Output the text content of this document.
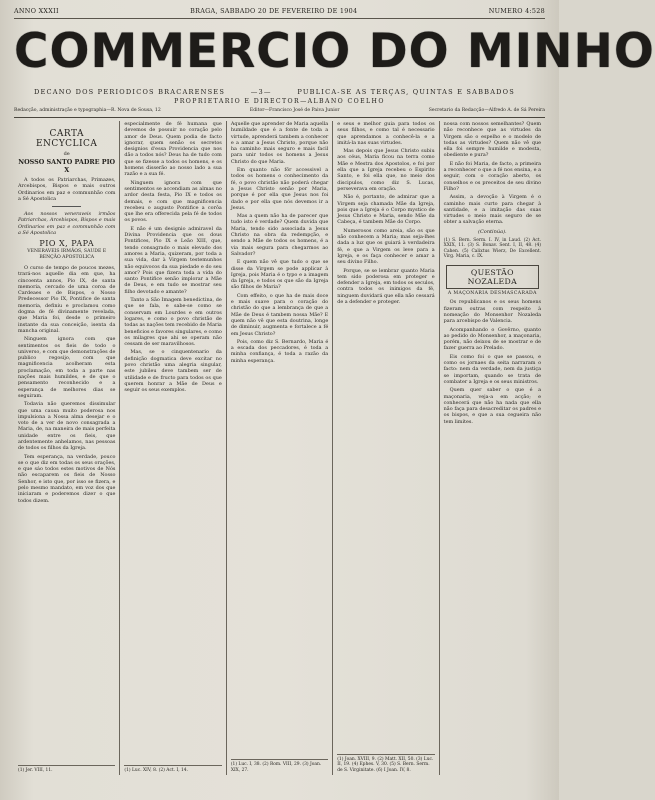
ANNO XXXII	BRAGA, SABBADO 20 DE FEVEREIRO DE 1904	NUMERO 4:528
COMMERCIO DO MINHO
DECANO DOS PERIODICOS BRACARENSES	—3—	PUBLICA-SE AS TERÇAS, QUINTAS E SABBADOS
PROPRIETARIO E DIRECTOR—ALBANO COELHO
Redacção, administração e typographia—R. Nova de Sousa, 12	Editor—Francisco José de Paiva Junior	Secretario da Redacção—Alfredo A. de Sá Pereira
CARTA ENCYCLICA
de
NOSSO SANTO PADRE PIO X

A todos os Patriarchas, Primazes, Arcebispos, Bispos e mais outros Ordinarios em paz e communhão com a Sé Apostolica

Aos nossos veneraveis irmãos Patriarchas, Arcebispos, Bispos e mais Ordinarios em paz e communhão com a Sé Apostolica

PIO X, PAPA
VENERAVEIS IRMÃOS, SAUDE E BENÇÃO APOSTOLICA

O curso de tempo de poucos mezes, trará-nos aquelle dia em que, ha cincoenta annos, Pio IX, de santa memoria, cercado de uma coroa de Cardeaes e de Bispos, o Nosso Predecessor Pio IX, Pontifice de santa memoria, definiu e proclamou como dogma de fé divinamente revelada, que Maria foi, desde o primeiro instante da sua conceição, isenta da mancha original.

Ninguem ignora com que sentimentos os fieis de todo o universo, e com que demonstrações de publico regosijo, com que magnificencia acolheram esta proclamação, em toda a parte nas nações mais humildes, e de que o pensamento reconhecido e a esperança de melhores dias se seguiram.

Todavia não queremos dissimular que uma causa muito poderosa nos impulsiona a Nossa alma desejar e o voto de a ver de novo consagrada a Maria, de, na maneira de mais perfeita unidade entre os fieis, que ardentemente anhelamos, nas pessoas de todos os filhos da Igreja.

Tem esperança, na verdade, pouco se o que diz em todas os seus orações, e que sáo todos estes motivos de Nós não escaparem os fieis de Nosso Senhor, e isto que, por isso se fizera, e pelo mesmo mandato, em voz dos que iniciaram e poderemos dizer o que todos dizem.

(1) Jer. VIII, 11.

especialmente de fé humana que devemos de possuir no coração pelo amor de Deus. Quem podia de facto ignorar, quem senão os secretos designios d'essa Providencia que nos dão a todos nós? Deus ha de tudo com que se fizesse a todos os homens, e os homens disserão ao nosso lado a sua razão e a sua fé.

Ninguem ignora com que sentimentos se accendiam as almas no ardor desta festa, Pio IX e todos os demais, e com que magnificencia recebeu o augusto Pontifice a corôa que lhe era offerecida pela fé de todos os povos.

E não é um designio admiravel da Divina Providencia que os dous Pontifices, Pio IX e Leão XIII, que, tendo consagrado o mais elevado dos amores a Maria, quizeram, por toda a sua vida, dar à Virgem testemunhos não equivocos da sua piedade e do seu amor? Pois que fizera toda a vida do santo Pontifice senão implorar a Mãe de Deus, e em tudo se mostrar seu filho devotado e amante?

Tanto a São Imagem benedictina, de que se fala, e sabe-se como se conservam em Lourdes e em outros logares, e como o povo christão de todas as nações tem recebido de Maria beneficios e favores singulares, e como os milagres que ahi se operam não cessam de ser maravilhosos.

Mas, se o cinquentenario da definição dogmatica deve excitar no povo christão uma alegria singular, este jubileu deve tambem ser de utilidade e de fructo para todos os que querem honrar a Mãe de Deus e seguir os seus exemplos.

(1) Luc. XIV, 8. (2) Act. I, 14.

Aquelle que aprender de Maria aquella humildade que é a fonte de toda a virtude, aprenderá tambem a conhecer e a amar a Jesus Christo, porque não ha caminho mais seguro e mais facil para unir todos os homens a Jesus Christo do que Maria.

Em quanto não fôr accessivel a todos os homens o conhecimento da fé, o povo christão não poderá chegar a Jesus Christo senão por Maria, porque é por ella que Jesus nos foi dado e por ella que nós devemos ir a Jesus.

Mas a quem não ha de parecer que tudo isto é verdade? Quem duvida que Maria, tendo sido associada a Jesus Christo na obra da redempção, e sendo a Mãe de todos os homens, é a via mais segura para chegarmos ao Salvador?

E quem não vê que tudo o que se disse da Virgem se pode applicar à Igreja, pois Maria é o typo e a imagem da Igreja, e todos os que são da Igreja são filhos de Maria?

Com effeito, o que ha de mais doce e mais suave para o coração do christão do que a lembrança de que a Mãe de Deus é tambem nossa Mãe? E quem não vê que esta doutrina, longe de diminuir, augmenta e fortalece a fé em Jesus Christo?

Pois, como diz S. Bernardo, Maria é a escada dos peccadores, é toda a minha confiança, é toda a razão da minha esperança.

(1) Luc. I, 38. (2) Rom. VIII, 29. (3) Joan. XIX, 27.

e seus e melhor guia para todos os seus filhos, e como tal é necessario que aprendamos a conhecê-la e a imitá-la nas suas virtudes.

Mas depois que Jesus Christo subiu aos céus, Maria ficou na terra como Mãe e Mestra dos Apostolos, e foi por ella que a Igreja recebeu o Espirito Santo, e foi ella que, no meio dos discipulos, como diz S. Lucas, perseverava em oração.

Não é, portanto, de admirar que a Virgem seja chamada Mãe da Igreja, pois que a Igreja é o Corpo mystico de Jesus Christo e Maria, sendo Mãe da Cabeça, é tambem Mãe do Corpo.

Numerosos como areia, são os que não conhecem a Maria; mas seja-lhes dada a luz que os guiará à verdadeira fé, e que a Virgem os leve para a Igreja, e os faça conhecer e amar a seu divino Filho.

Porque, se se lembrar quanto Maria tem sido poderosa em proteger e defender a Igreja, em todos os seculos, contra todos os inimigos da fé, ninguem duvidará que ella não cessará de a defender e proteger.

(1) Joan. XVIII, 9. (2) Matt. XII, 50. (3) Luc. II, 19. (4) Ephes. V, 30. (5) S. Bern. Serm. de S. Virginitate. (6) I Joan. IV, 8.

nossa com nossos semelhantes? Quem não reconhece que as virtudes da Virgem são o espelho e o modelo de todas as virtudes? Quem não vê que ella foi sempre humilde e modesta, obediente e pura?

E não foi Maria, de facto, a primeira a reconhecer o que a fé nos ensina, e a seguir, com o coração aberto, os conselhos e os preceitos de seu divino Filho?

Assim, a devoção à Virgem é o caminho mais curto para chegar à santidade, e a imitação das suas virtudes o meio mais seguro de se obter a salvação eterna.

(Continúa).

(1) S. Bern. Serm. I. IV, in Laud. (2) Act. XXIX, 11. (3) S. Bonav. Sent. I, II, 48. (4) Cahen. (5) Calixtus Wierz, De Excellent. Virg. Maria, c. IX.

QUESTÃO NOZALEDA
A MAÇONARIA DESMASCARADA

Os republicanos e os seus homens fizeram outras com respeito à nomeação do Monsenhor Nozaleda para arcebispo de Valencia.

Acompanhando o Govêrno, quanto ao pedido do Monsenhor, a maçonaria, porém, não deixou de se mostrar e de fazer guerra ao Prelado.

Eis como foi o que se passou, e como os jornaes da seita narraram o facto: nem da verdade, nem da justiça se importam, quando se trata de combater a Igreja e os seus ministros.

Quem quer saber o que é a maçonaria, veja-a em acção; e conhecerá que não ha nada que ella não faça para desacreditar os padres e os bispos, e que a sua cegueira não tem limites.
